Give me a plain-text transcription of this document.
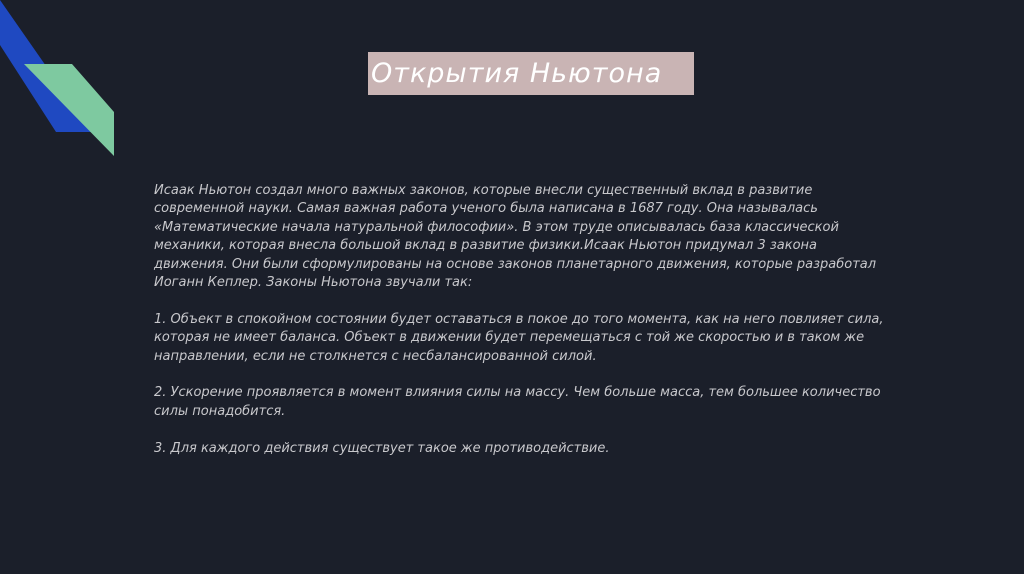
Открытия Ньютона

Исаак Ньютон создал много важных законов, которые внесли существенный вклад в развитие современной науки. Самая важная работа ученого была написана в 1687 году. Она называлась «Математические начала натуральной философии». В этом труде описывалась база классической механики, которая внесла большой вклад в развитие физики.Исаак Ньютон придумал 3 закона движения. Они были сформулированы на основе законов планетарного движения, которые разработал Иоганн Кеплер. Законы Ньютона звучали так:

1. Объект в спокойном состоянии будет оставаться в покое до того момента, как на него повлияет сила, которая не имеет баланса. Объект в движении будет перемещаться с той же скоростью и в таком же направлении, если не столкнется с несбалансированной силой.

2. Ускорение проявляется в момент влияния силы на массу. Чем больше масса, тем большее количество силы понадобится.

3. Для каждого действия существует такое же противодействие.
